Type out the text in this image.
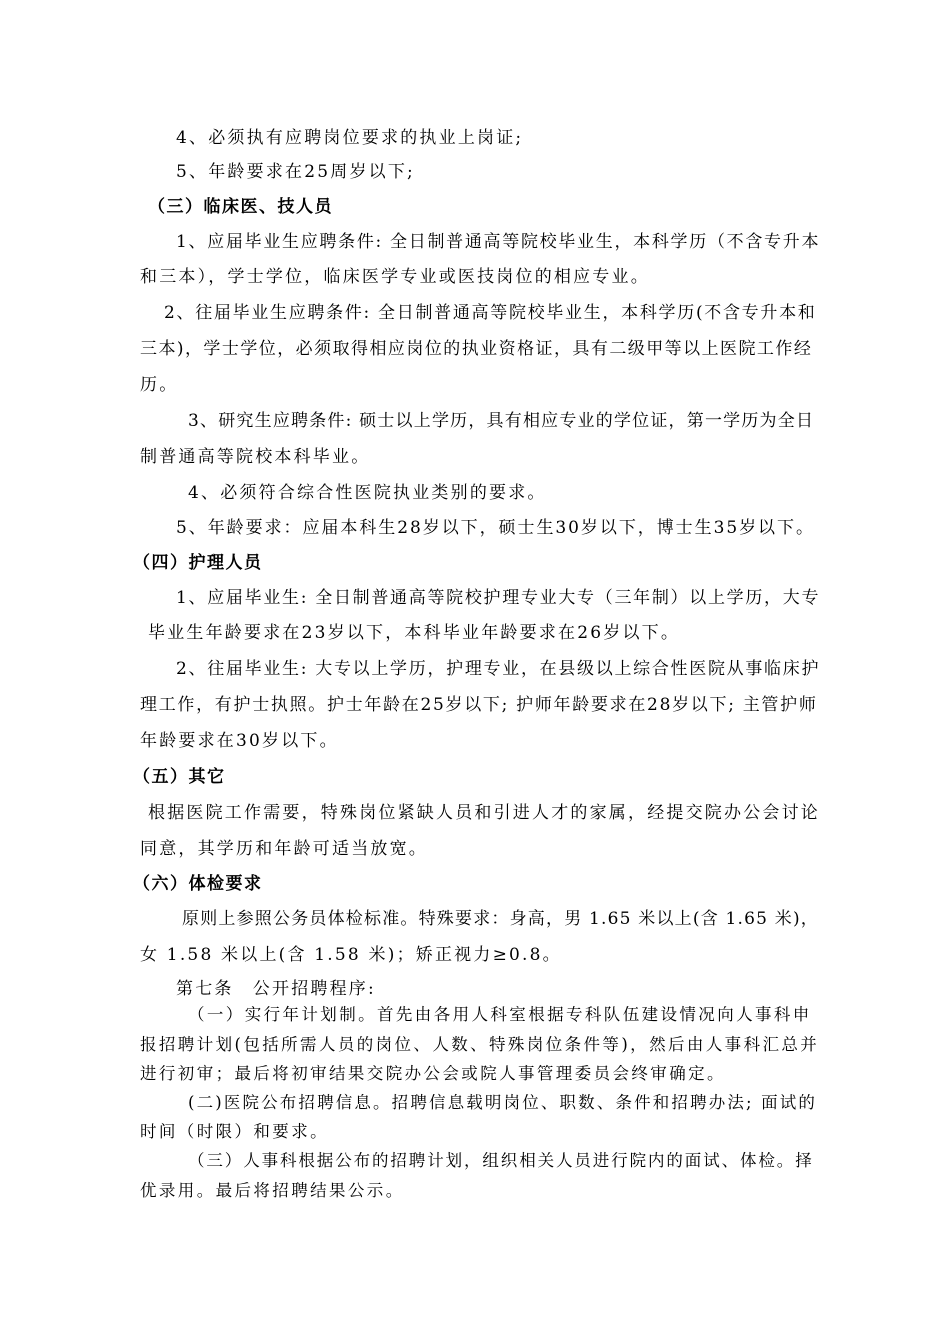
4、必须执有应聘岗位要求的执业上岗证;
5、年龄要求在25周岁以下;
（三）临床医、技人员
1、应届毕业生应聘条件: 全日制普通高等院校毕业生，本科学历（不含专升本
和三本），学士学位，临床医学专业或医技岗位的相应专业。
2、往届毕业生应聘条件: 全日制普通高等院校毕业生，本科学历(不含专升本和
三本)，学士学位，必须取得相应岗位的执业资格证，具有二级甲等以上医院工作经
历。
3、研究生应聘条件: 硕士以上学历，具有相应专业的学位证，第一学历为全日
制普通高等院校本科毕业。
4、必须符合综合性医院执业类别的要求。
5、年龄要求：应届本科生28岁以下，硕士生30岁以下，博士生35岁以下。
（四）护理人员
1、应届毕业生: 全日制普通高等院校护理专业大专（三年制）以上学历，大专
毕业生年龄要求在23岁以下，本科毕业年龄要求在26岁以下。
2、往届毕业生: 大专以上学历，护理专业，在县级以上综合性医院从事临床护
理工作，有护士执照。护士年龄在25岁以下; 护师年龄要求在28岁以下; 主管护师
年龄要求在30岁以下。
（五）其它
根据医院工作需要，特殊岗位紧缺人员和引进人才的家属，经提交院办公会讨论
同意，其学历和年龄可适当放宽。
（六）体检要求
原则上参照公务员体检标准。特殊要求：身高，男 1.65 米以上(含 1.65 米)，
女 1.58 米以上(含 1.58 米)；矫正视力≥0.8。
第七条　公开招聘程序:
（一）实行年计划制。首先由各用人科室根据专科队伍建设情况向人事科申
报招聘计划(包括所需人员的岗位、人数、特殊岗位条件等)，然后由人事科汇总并
进行初审；最后将初审结果交院办公会或院人事管理委员会终审确定。
(二)医院公布招聘信息。招聘信息载明岗位、职数、条件和招聘办法; 面试的
时间（时限）和要求。
（三）人事科根据公布的招聘计划，组织相关人员进行院内的面试、体检。择
优录用。最后将招聘结果公示。
